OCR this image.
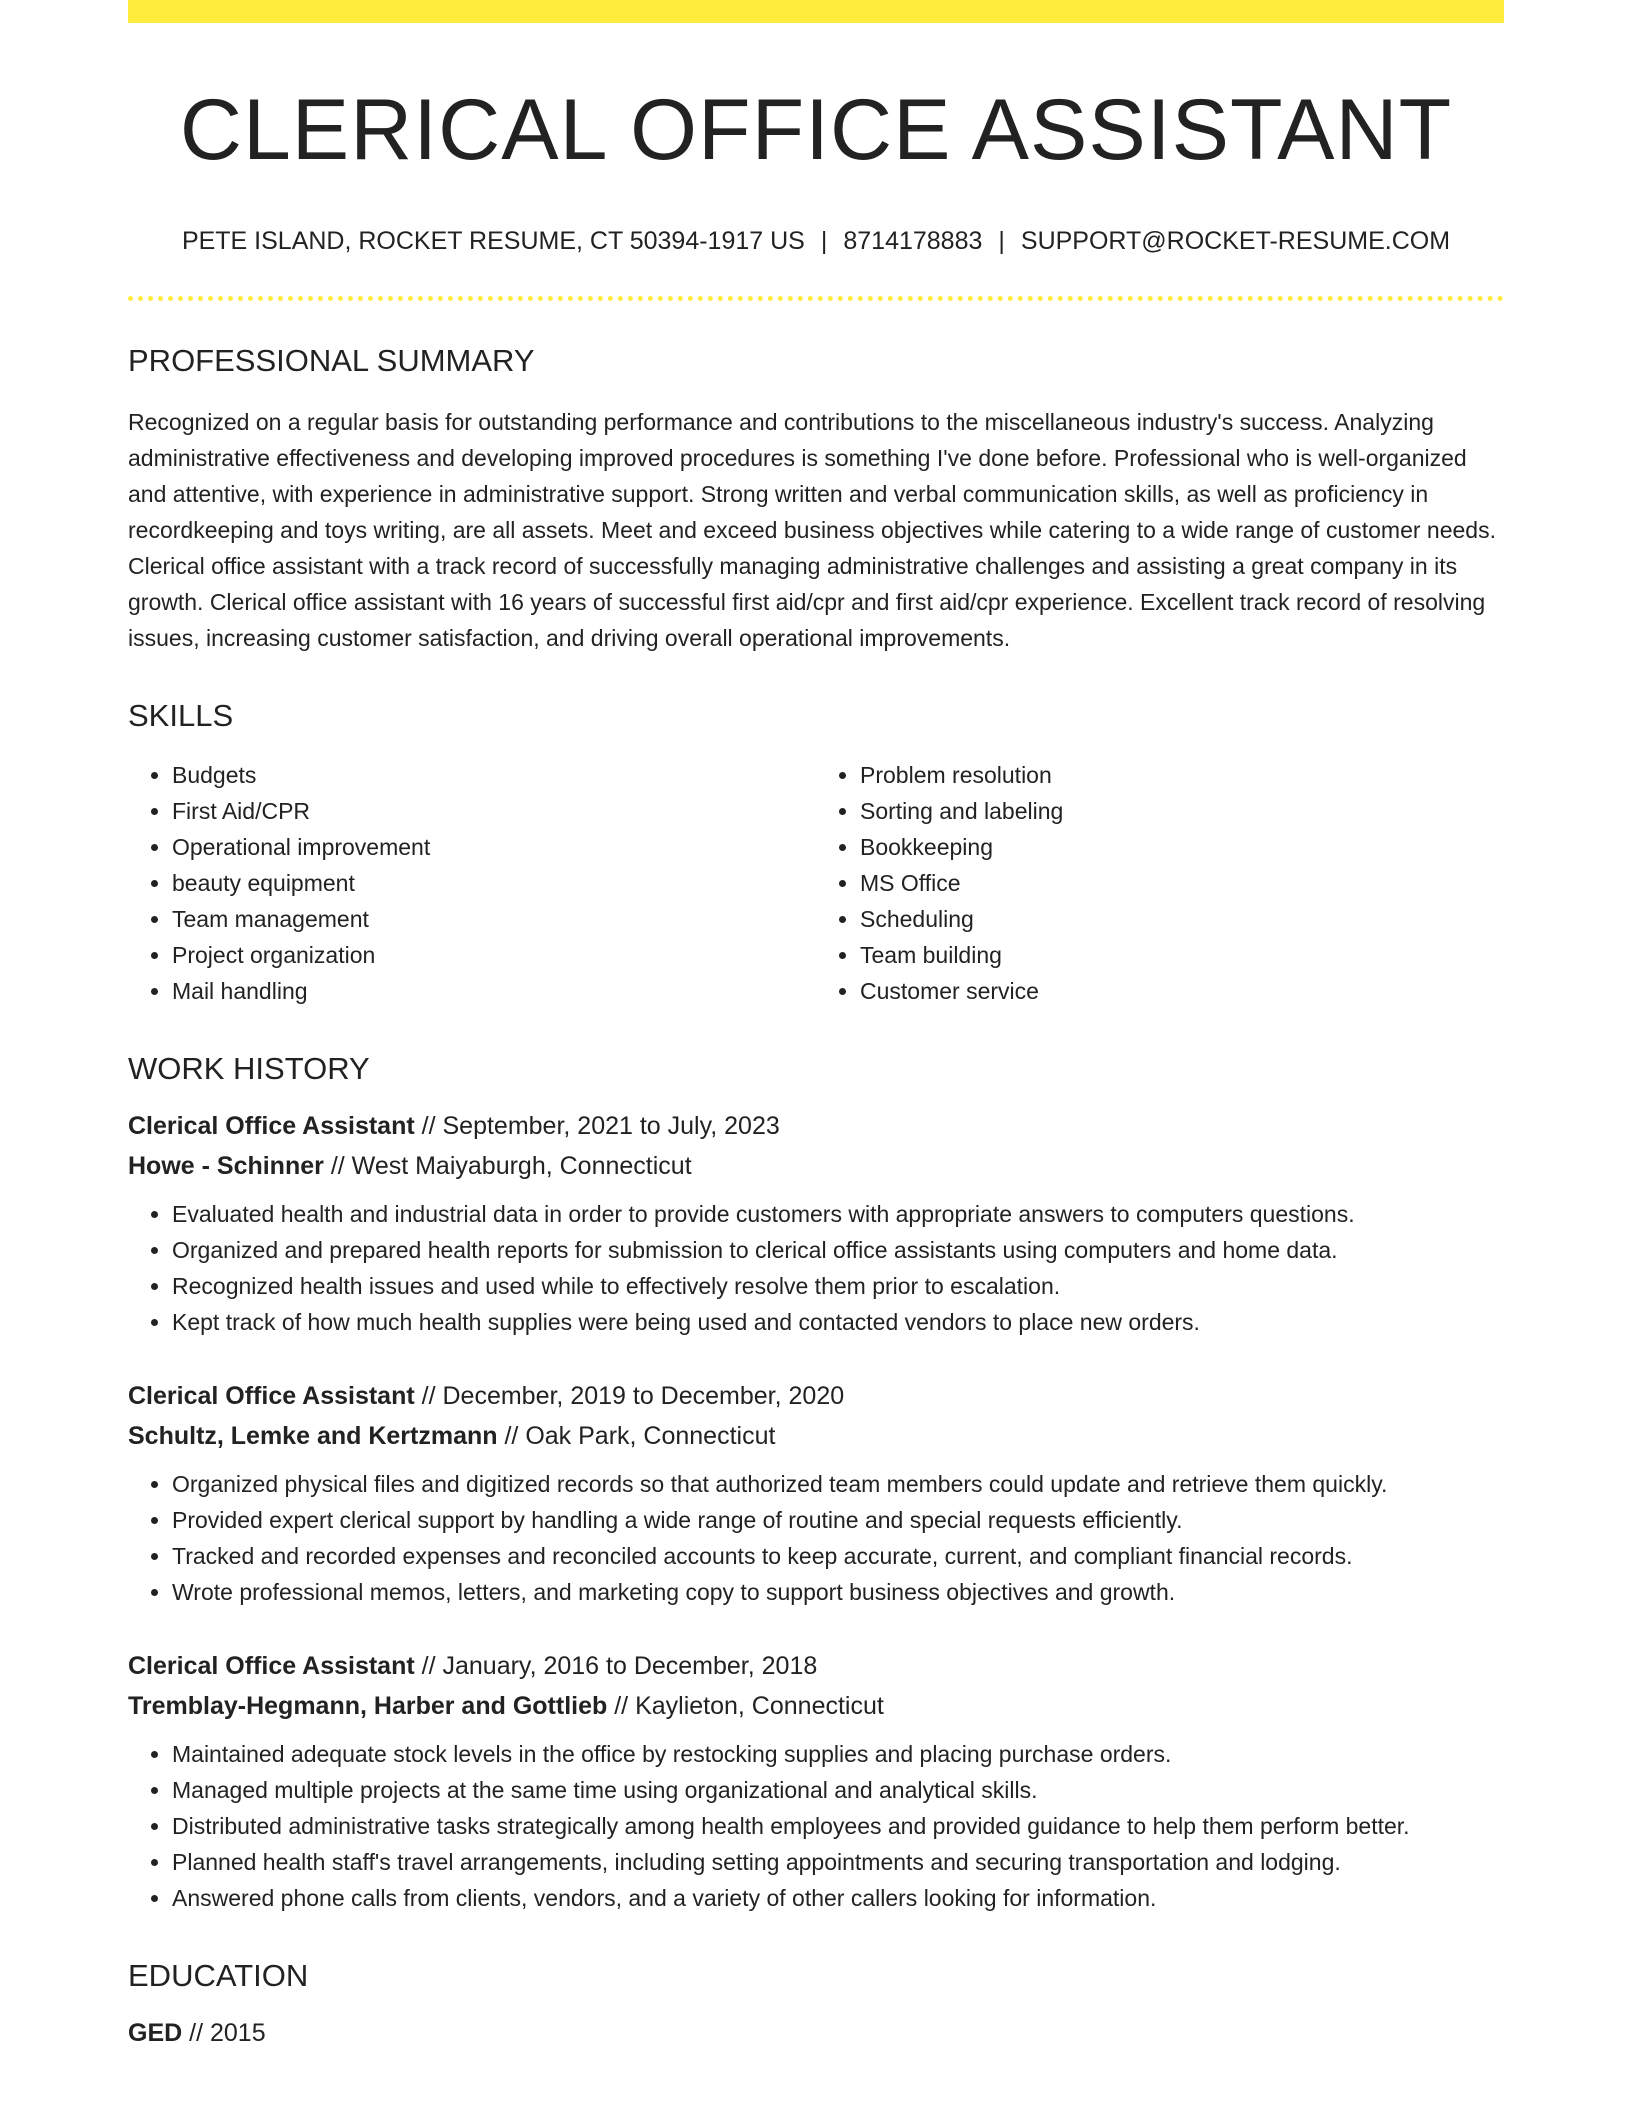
CLERICAL OFFICE ASSISTANT
PETE ISLAND, ROCKET RESUME, CT 50394-1917 US | 8714178883 | SUPPORT@ROCKET-RESUME.COM
PROFESSIONAL SUMMARY
Recognized on a regular basis for outstanding performance and contributions to the miscellaneous industry's success. Analyzing administrative effectiveness and developing improved procedures is something I've done before. Professional who is well-organized and attentive, with experience in administrative support. Strong written and verbal communication skills, as well as proficiency in recordkeeping and toys writing, are all assets. Meet and exceed business objectives while catering to a wide range of customer needs. Clerical office assistant with a track record of successfully managing administrative challenges and assisting a great company in its growth. Clerical office assistant with 16 years of successful first aid/cpr and first aid/cpr experience. Excellent track record of resolving issues, increasing customer satisfaction, and driving overall operational improvements.
SKILLS
• Budgets
• First Aid/CPR
• Operational improvement
• beauty equipment
• Team management
• Project organization
• Mail handling
• Problem resolution
• Sorting and labeling
• Bookkeeping
• MS Office
• Scheduling
• Team building
• Customer service
WORK HISTORY
Clerical Office Assistant // September, 2021 to July, 2023
Howe - Schinner // West Maiyaburgh, Connecticut
• Evaluated health and industrial data in order to provide customers with appropriate answers to computers questions.
• Organized and prepared health reports for submission to clerical office assistants using computers and home data.
• Recognized health issues and used while to effectively resolve them prior to escalation.
• Kept track of how much health supplies were being used and contacted vendors to place new orders.
Clerical Office Assistant // December, 2019 to December, 2020
Schultz, Lemke and Kertzmann // Oak Park, Connecticut
• Organized physical files and digitized records so that authorized team members could update and retrieve them quickly.
• Provided expert clerical support by handling a wide range of routine and special requests efficiently.
• Tracked and recorded expenses and reconciled accounts to keep accurate, current, and compliant financial records.
• Wrote professional memos, letters, and marketing copy to support business objectives and growth.
Clerical Office Assistant // January, 2016 to December, 2018
Tremblay-Hegmann, Harber and Gottlieb // Kaylieton, Connecticut
• Maintained adequate stock levels in the office by restocking supplies and placing purchase orders.
• Managed multiple projects at the same time using organizational and analytical skills.
• Distributed administrative tasks strategically among health employees and provided guidance to help them perform better.
• Planned health staff's travel arrangements, including setting appointments and securing transportation and lodging.
• Answered phone calls from clients, vendors, and a variety of other callers looking for information.
EDUCATION
GED // 2015
